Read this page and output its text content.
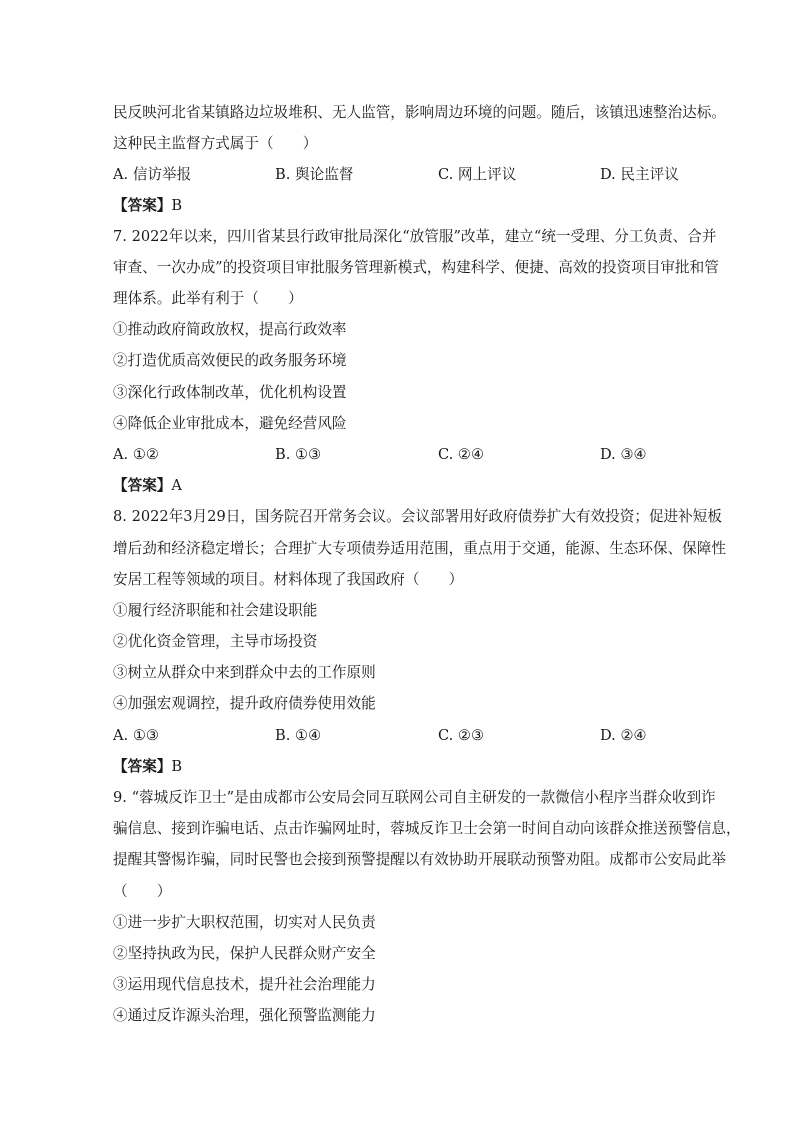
民反映河北省某镇路边垃圾堆积、无人监管，影响周边环境的问题。随后，该镇迅速整治达标。
这种民主监督方式属于（　　）
A. 信访举报	B. 舆论监督	C. 网上评议	D. 民主评议
【答案】B
7. 2022年以来，四川省某县行政审批局深化“放管服”改革，建立“统一受理、分工负责、合并
审查、一次办成”的投资项目审批服务管理新模式，构建科学、便捷、高效的投资项目审批和管
理体系。此举有利于（　　）
①推动政府简政放权，提高行政效率
②打造优质高效便民的政务服务环境
③深化行政体制改革，优化机构设置
④降低企业审批成本，避免经营风险
A. ①②	B. ①③	C. ②④	D. ③④
【答案】A
8. 2022年3月29日，国务院召开常务会议。会议部署用好政府债券扩大有效投资；促进补短板
增后劲和经济稳定增长；合理扩大专项债券适用范围，重点用于交通，能源、生态环保、保障性
安居工程等领域的项目。材料体现了我国政府（　　）
①履行经济职能和社会建设职能
②优化资金管理，主导市场投资
③树立从群众中来到群众中去的工作原则
④加强宏观调控，提升政府债券使用效能
A. ①③	B. ①④	C. ②③	D. ②④
【答案】B
9. “蓉城反诈卫士”是由成都市公安局会同互联网公司自主研发的一款微信小程序当群众收到诈
骗信息、接到诈骗电话、点击诈骗网址时，蓉城反诈卫士会第一时间自动向该群众推送预警信息，
提醒其警惕诈骗，同时民警也会接到预警提醒以有效协助开展联动预警劝阻。成都市公安局此举
（　　）
①进一步扩大职权范围，切实对人民负责
②坚持执政为民，保护人民群众财产安全
③运用现代信息技术，提升社会治理能力
④通过反诈源头治理，强化预警监测能力
